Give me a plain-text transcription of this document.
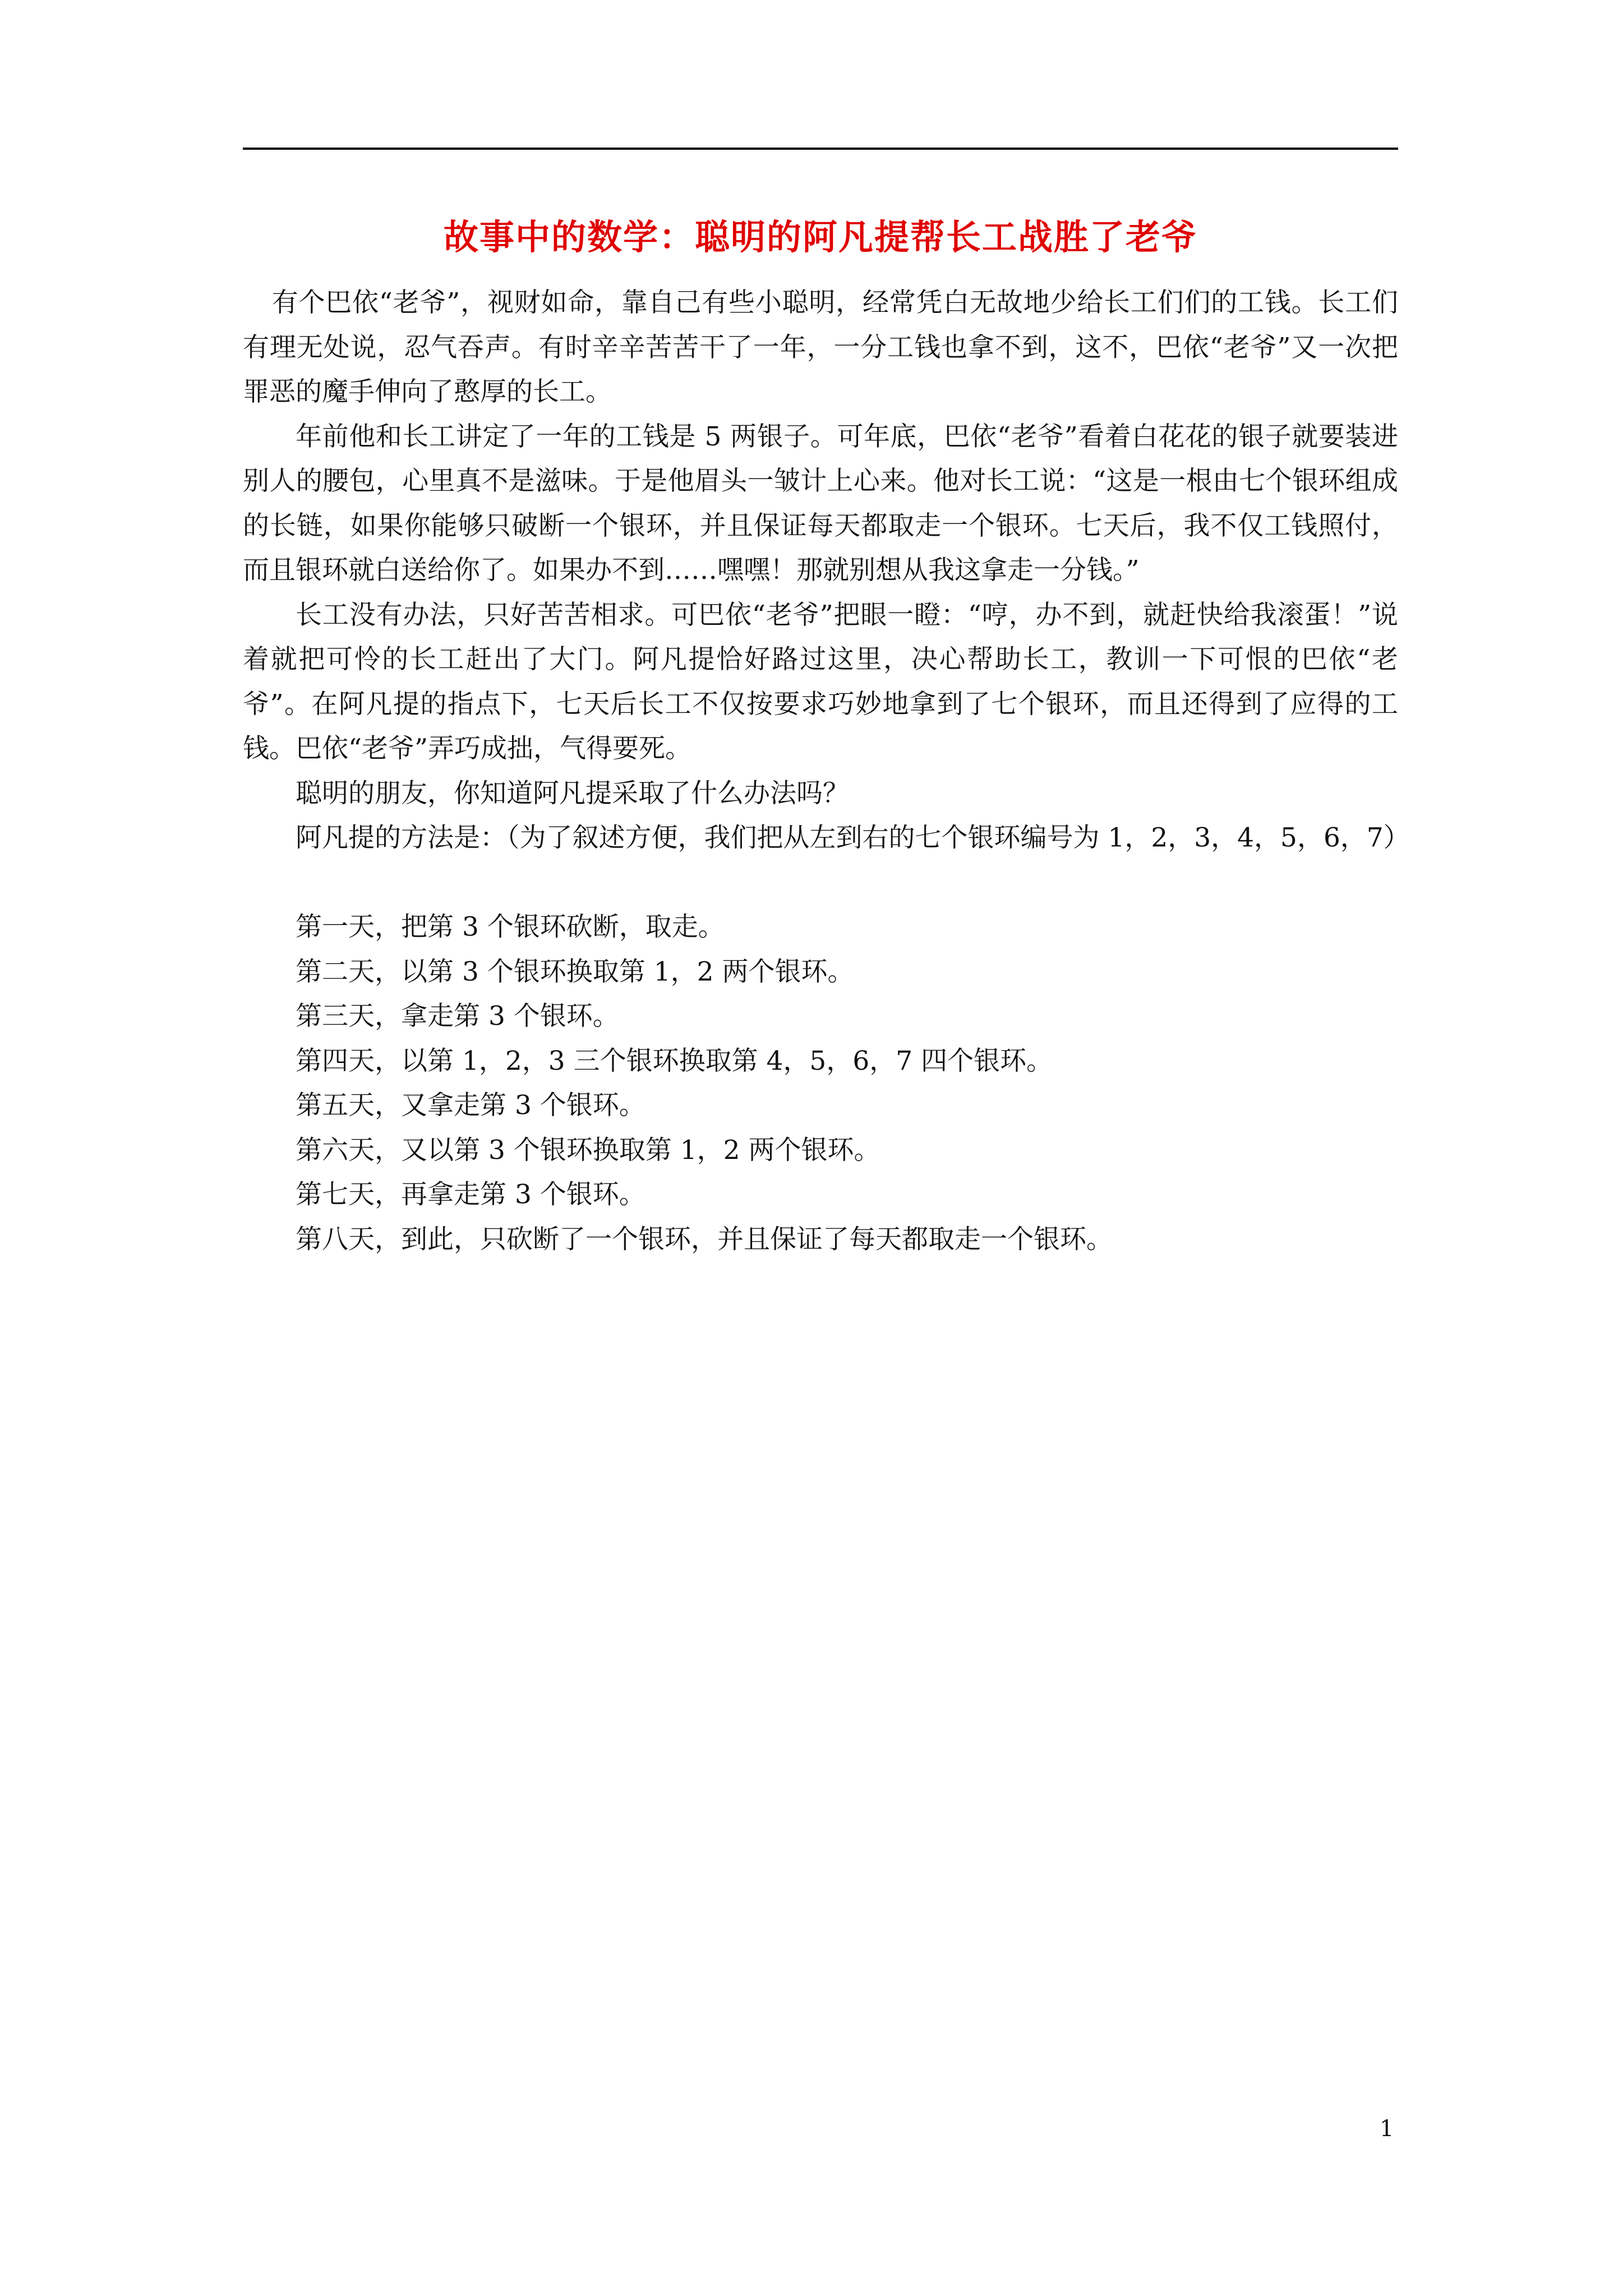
故事中的数学：聪明的阿凡提帮长工战胜了老爷

有个巴依“老爷”，视财如命，靠自己有些小聪明，经常凭白无故地少给长工们们的工钱。长工们有理无处说，忍气吞声。有时辛辛苦苦干了一年，一分工钱也拿不到，这不，巴依“老爷”又一次把罪恶的魔手伸向了憨厚的长工。

年前他和长工讲定了一年的工钱是 5 两银子。可年底，巴依“老爷”看着白花花的银子就要装进别人的腰包，心里真不是滋味。于是他眉头一皱计上心来。他对长工说：“这是一根由七个银环组成的长链，如果你能够只破断一个银环，并且保证每天都取走一个银环。七天后，我不仅工钱照付，而且银环就白送给你了。如果办不到……嘿嘿！那就别想从我这拿走一分钱。”

长工没有办法，只好苦苦相求。可巴依“老爷”把眼一瞪：“哼，办不到，就赶快给我滚蛋！”说着就把可怜的长工赶出了大门。阿凡提恰好路过这里，决心帮助长工，教训一下可恨的巴依“老爷”。在阿凡提的指点下，七天后长工不仅按要求巧妙地拿到了七个银环，而且还得到了应得的工钱。巴依“老爷”弄巧成拙，气得要死。

聪明的朋友，你知道阿凡提采取了什么办法吗？

阿凡提的方法是：（为了叙述方便，我们把从左到右的七个银环编号为 1，2，3，4，5，6，7）

第一天，把第 3 个银环砍断，取走。
第二天，以第 3 个银环换取第 1，2 两个银环。
第三天，拿走第 3 个银环。
第四天，以第 1，2，3 三个银环换取第 4，5，6，7 四个银环。
第五天，又拿走第 3 个银环。
第六天，又以第 3 个银环换取第 1，2 两个银环。
第七天，再拿走第 3 个银环。
第八天，到此，只砍断了一个银环，并且保证了每天都取走一个银环。
1
